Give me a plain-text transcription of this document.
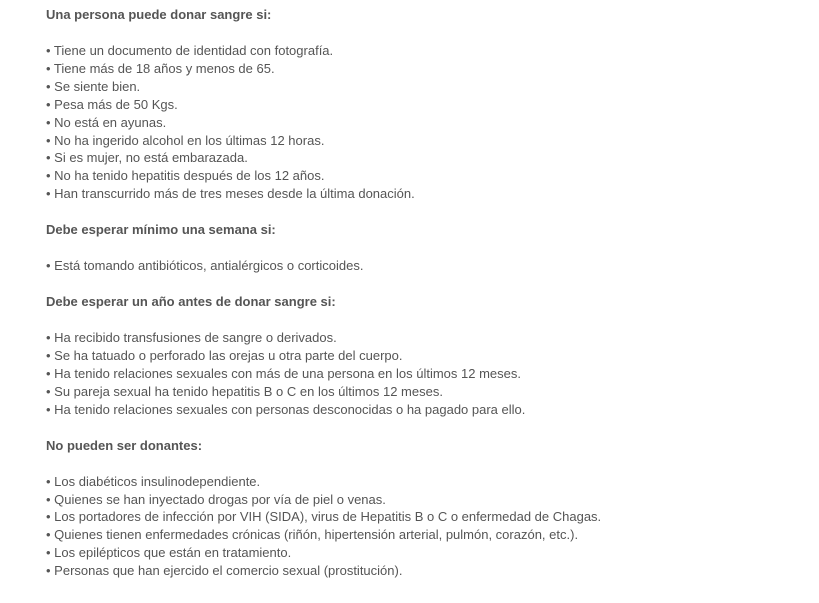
Una persona puede donar sangre si:
• Tiene un documento de identidad con fotografía.
• Tiene más de 18 años y menos de 65.
• Se siente bien.
• Pesa más de 50 Kgs.
• No está en ayunas.
• No ha ingerido alcohol en los últimas 12 horas.
• Si es mujer, no está embarazada.
• No ha tenido hepatitis después de los 12 años.
• Han transcurrido más de tres meses desde la última donación.
Debe esperar mínimo una semana si:
• Está tomando antibióticos, antialérgicos o corticoides.
Debe esperar un año antes de donar sangre si:
• Ha recibido transfusiones de sangre o derivados.
• Se ha tatuado o perforado las orejas u otra parte del cuerpo.
• Ha tenido relaciones sexuales con más de una persona en los últimos 12 meses.
• Su pareja sexual ha tenido hepatitis B o C en los últimos 12 meses.
• Ha tenido relaciones sexuales con personas desconocidas o ha pagado para ello.
No pueden ser donantes:
• Los diabéticos insulinodependiente.
• Quienes se han inyectado drogas por vía de piel o venas.
• Los portadores de infección por VIH (SIDA), virus de Hepatitis B o C o enfermedad de Chagas.
• Quienes tienen enfermedades crónicas (riñón, hipertensión arterial, pulmón, corazón, etc.).
• Los epilépticos que están en tratamiento.
• Personas que han ejercido el comercio sexual (prostitución).
